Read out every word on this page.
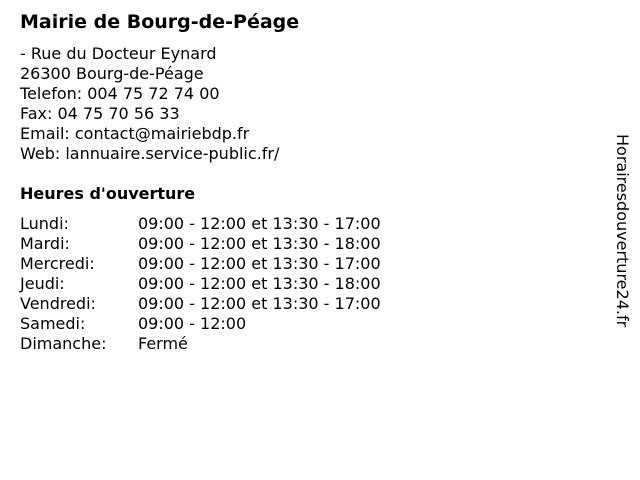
Mairie de Bourg-de-Péage
- Rue du Docteur Eynard
26300 Bourg-de-Péage
Telefon: 004 75 72 74 00
Fax: 04 75 70 56 33
Email: contact@mairiebdp.fr
Web: lannuaire.service-public.fr/
Heures d'ouverture
Lundi:	09:00 - 12:00 et 13:30 - 17:00
Mardi:	09:00 - 12:00 et 13:30 - 18:00
Mercredi:	09:00 - 12:00 et 13:30 - 17:00
Jeudi:	09:00 - 12:00 et 13:30 - 18:00
Vendredi:	09:00 - 12:00 et 13:30 - 17:00
Samedi:	09:00 - 12:00
Dimanche: Fermé
Horairesdouverture24.fr
